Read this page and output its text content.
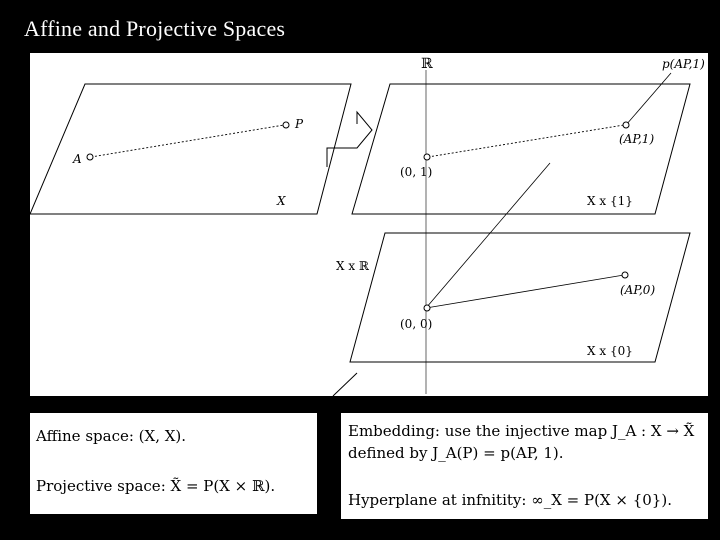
Affine and Projective Spaces
ℝ	p(AP,1)
P
A
X
(AP,1)
(0, 1)
X x {1}
X x ℝ
(AP,0)
(0, 0)
X x {0}
Affine space: (X, X).
Projective space: X̃ = P(X × ℝ).
Embedding: use the injective map J_A : X → X̃
defined by J_A(P) = p(AP, 1).
Hyperplane at infnitity: ∞_X = P(X × {0}).
